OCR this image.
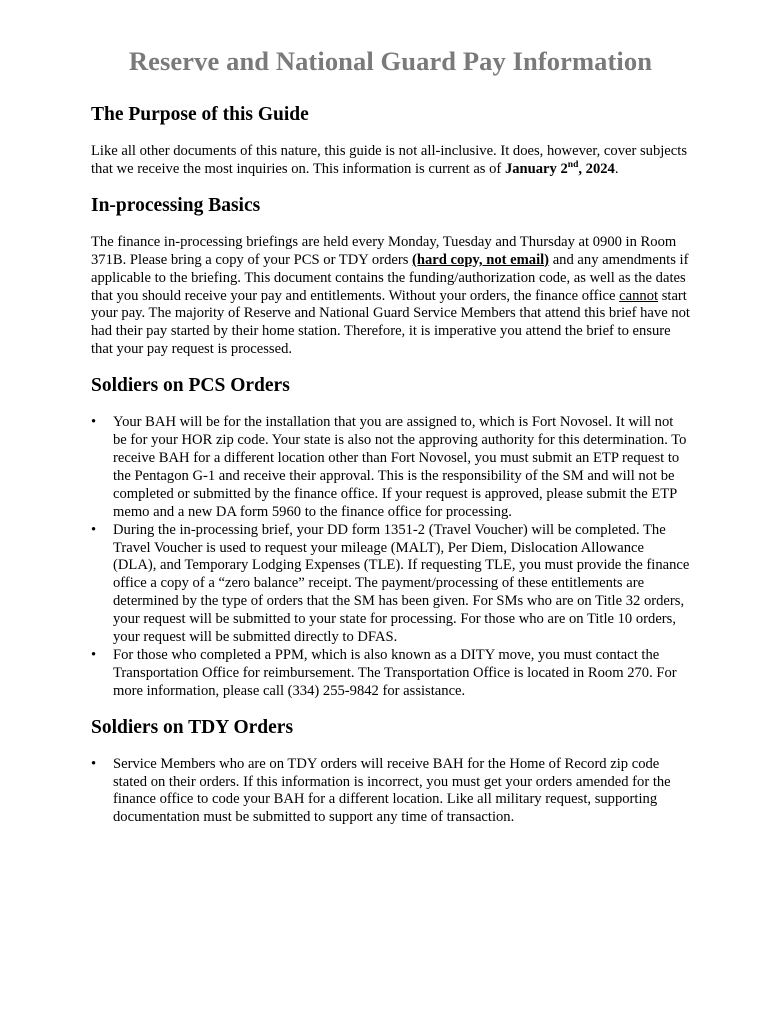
Reserve and National Guard Pay Information
The Purpose of this Guide

Like all other documents of this nature, this guide is not all-inclusive. It does, however, cover subjects that we receive the most inquiries on. This information is current as of January 2nd, 2024.

In-processing Basics

The finance in-processing briefings are held every Monday, Tuesday and Thursday at 0900 in Room 371B. Please bring a copy of your PCS or TDY orders (hard copy, not email) and any amendments if applicable to the briefing. This document contains the funding/authorization code, as well as the dates that you should receive your pay and entitlements. Without your orders, the finance office cannot start your pay. The majority of Reserve and National Guard Service Members that attend this brief have not had their pay started by their home station. Therefore, it is imperative you attend the brief to ensure that your pay request is processed.

Soldiers on PCS Orders
•	Your BAH will be for the installation that you are assigned to, which is Fort Novosel. It will not be for your HOR zip code. Your state is also not the approving authority for this determination. To receive BAH for a different location other than Fort Novosel, you must submit an ETP request to the Pentagon G-1 and receive their approval. This is the responsibility of the SM and will not be completed or submitted by the finance office. If your request is approved, please submit the ETP memo and a new DA form 5960 to the finance office for processing.
•	During the in-processing brief, your DD form 1351-2 (Travel Voucher) will be completed. The Travel Voucher is used to request your mileage (MALT), Per Diem, Dislocation Allowance (DLA), and Temporary Lodging Expenses (TLE). If requesting TLE, you must provide the finance office a copy of a “zero balance” receipt. The payment/processing of these entitlements are determined by the type of orders that the SM has been given. For SMs who are on Title 32 orders, your request will be submitted to your state for processing. For those who are on Title 10 orders, your request will be submitted directly to DFAS.
•	For those who completed a PPM, which is also known as a DITY move, you must contact the Transportation Office for reimbursement. The Transportation Office is located in Room 270. For more information, please call (334) 255-9842 for assistance.
Soldiers on TDY Orders
•	Service Members who are on TDY orders will receive BAH for the Home of Record zip code stated on their orders. If this information is incorrect, you must get your orders amended for the finance office to code your BAH for a different location. Like all military request, supporting documentation must be submitted to support any time of transaction.
